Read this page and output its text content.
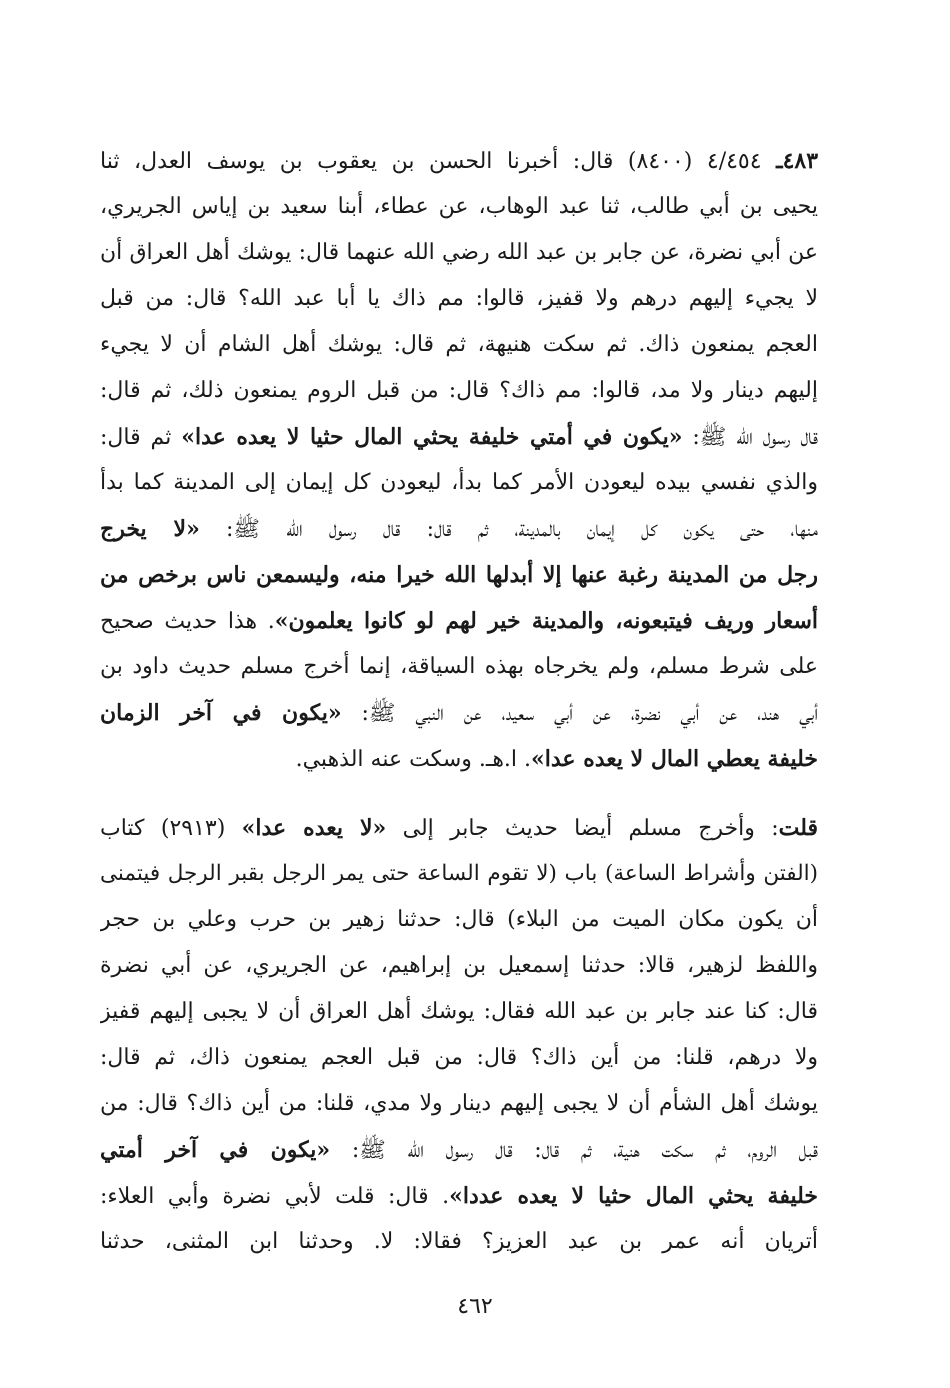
٤٨٣ـ ٤/٤٥٤ (٨٤٠٠) قال: أخبرنا الحسن بن يعقوب بن يوسف العدل، ثنا
يحيى بن أبي طالب، ثنا عبد الوهاب، عن عطاء، أبنا سعيد بن إياس الجريري،
عن أبي نضرة، عن جابر بن عبد الله رضي الله عنهما قال: يوشك أهل العراق أن
لا يجيء إليهم درهم ولا قفيز، قالوا: مم ذاك يا أبا عبد الله؟ قال: من قبل
العجم يمنعون ذاك. ثم سكت هنيهة، ثم قال: يوشك أهل الشام أن لا يجيء
إليهم دينار ولا مد، قالوا: مم ذاك؟ قال: من قبل الروم يمنعون ذلك، ثم قال:
قال رسول الله ﷺ: «يكون في أمتي خليفة يحثي المال حثيا لا يعده عدا» ثم قال:
والذي نفسي بيده ليعودن الأمر كما بدأ، ليعودن كل إيمان إلى المدينة كما بدأ
منها، حتى يكون كل إيمان بالمدينة، ثم قال: قال رسول الله ﷺ: «لا يخرج
رجل من المدينة رغبة عنها إلا أبدلها الله خيرا منه، وليسمعن ناس برخص من
أسعار وريف فيتبعونه، والمدينة خير لهم لو كانوا يعلمون». هذا حديث صحيح
على شرط مسلم، ولم يخرجاه بهذه السياقة، إنما أخرج مسلم حديث داود بن
أبي هند، عن أبي نضرة، عن أبي سعيد، عن النبي ﷺ: «يكون في آخر الزمان
خليفة يعطي المال لا يعده عدا». ا.هـ. وسكت عنه الذهبي.
قلت: وأخرج مسلم أيضا حديث جابر إلى «لا يعده عدا» (٢٩١٣) كتاب
(الفتن وأشراط الساعة) باب (لا تقوم الساعة حتى يمر الرجل بقبر الرجل فيتمنى
أن يكون مكان الميت من البلاء) قال: حدثنا زهير بن حرب وعلي بن حجر
واللفظ لزهير، قالا: حدثنا إسمعيل بن إبراهيم، عن الجريري، عن أبي نضرة
قال: كنا عند جابر بن عبد الله فقال: يوشك أهل العراق أن لا يجبى إليهم قفيز
ولا درهم، قلنا: من أين ذاك؟ قال: من قبل العجم يمنعون ذاك، ثم قال:
يوشك أهل الشأم أن لا يجبى إليهم دينار ولا مدي، قلنا: من أين ذاك؟ قال: من
قبل الروم، ثم سكت هنية، ثم قال: قال رسول الله ﷺ: «يكون في آخر أمتي
خليفة يحثي المال حثيا لا يعده عددا». قال: قلت لأبي نضرة وأبي العلاء:
أتريان أنه عمر بن عبد العزيز؟ فقالا: لا. وحدثنا ابن المثنى، حدثنا
٤٦٢
